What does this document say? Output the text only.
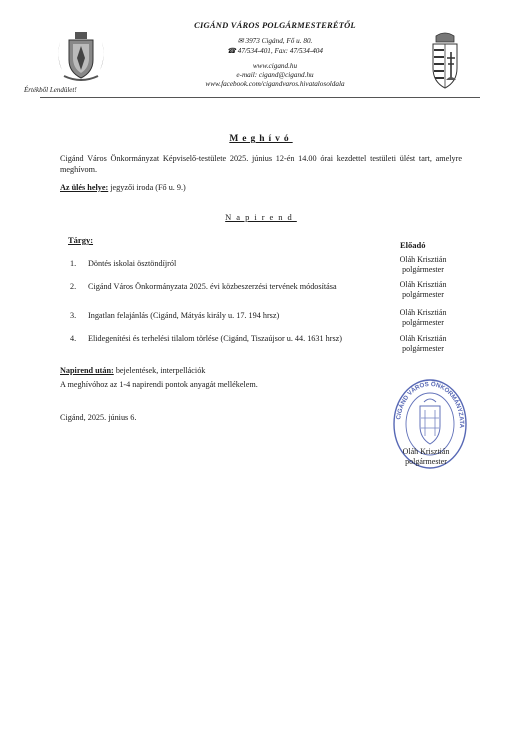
Értékből Lendület!
CIGÁND VÁROS POLGÁRMESTERÉTŐL
✉ 3973 Cigánd, Fő u. 80.
☎ 47/534-401, Fax: 47/534-404
www.cigand.hu
e-mail: cigand@cigand.hu
www.facebook.com/cigandvaros.hivatalosoldala
Meghívó
Cigánd Város Önkormányzat Képviselő-testülete 2025. június 12-én 14.00 órai kezdettel testületi ülést tart, amelyre meghívom.
Az ülés helye: jegyzői iroda (Fő u. 9.)
Napirend
Tárgy:	Előadó
1. Döntés iskolai ösztöndíjról	Oláh Krisztián
polgármester
2. Cigánd Város Önkormányzata 2025. évi közbeszerzési tervének módosítása	Oláh Krisztián
polgármester
3. Ingatlan felajánlás (Cigánd, Mátyás király u. 17. 194 hrsz)	Oláh Krisztián
polgármester
4. Elidegenítési és terhelési tilalom törlése (Cigánd, Tiszaújsor u. 44. 1631 hrsz)	Oláh Krisztián
polgármester
Napirend után: bejelentések, interpellációk
A meghívóhoz az 1-4 napirendi pontok anyagát mellékelem.
Cigánd, 2025. június 6.	CIGÁND VÁROS ÖNKORMÁNYZATA
Oláh Krisztián
polgármester
